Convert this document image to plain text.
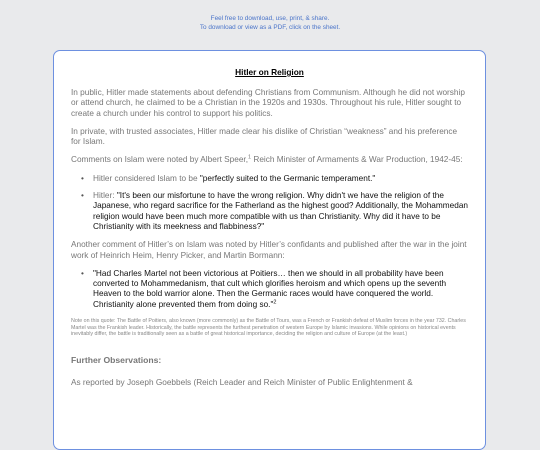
Feel free to download, use, print, & share.
To download or view as a PDF, click on the sheet.
Hitler on Religion

In public, Hitler made statements about defending Christians from Communism. Although he did not worship or attend church, he claimed to be a Christian in the 1920s and 1930s. Throughout his rule, Hitler sought to create a church under his control to support his politics.

In private, with trusted associates, Hitler made clear his dislike of Christian “weakness” and his preference for Islam.

Comments on Islam were noted by Albert Speer,$^1$ Reich Minister of Armaments & War Production, 1942-45:

• Hitler considered Islam to be "perfectly suited to the Germanic temperament."
• Hitler: "It's been our misfortune to have the wrong religion. Why didn't we have the religion of the Japanese, who regard sacrifice for the Fatherland as the highest good? Additionally, the Mohammedan religion would have been much more compatible with us than Christianity. Why did it have to be Christianity with its meekness and flabbiness?"

Another comment of Hitler’s on Islam was noted by Hitler’s confidants and published after the war in the joint work of Heinrich Heim, Henry Picker, and Martin Bormann:

• "Had Charles Martel not been victorious at Poitiers… then we should in all probability have been converted to Mohammedanism, that cult which glorifies heroism and which opens up the seventh Heaven to the bold warrior alone. Then the Germanic races would have conquered the world. Christianity alone prevented them from doing so."$^2$

Note on this quote: The Battle of Poitiers, also known (more commonly) as the Battle of Tours, was a French or Frankish defeat of Muslim forces in the year 732. Charles Martel was the Frankish leader. Historically, the battle represents the furthest penetration of western Europe by Islamic invasions. While opinions on historical events inevitably differ, the battle is traditionally seen as a battle of great historical importance, deciding the religion and culture of Europe (at the least.)

Further Observations:

As reported by Joseph Goebbels (Reich Leader and Reich Minister of Public Enlightenment &
